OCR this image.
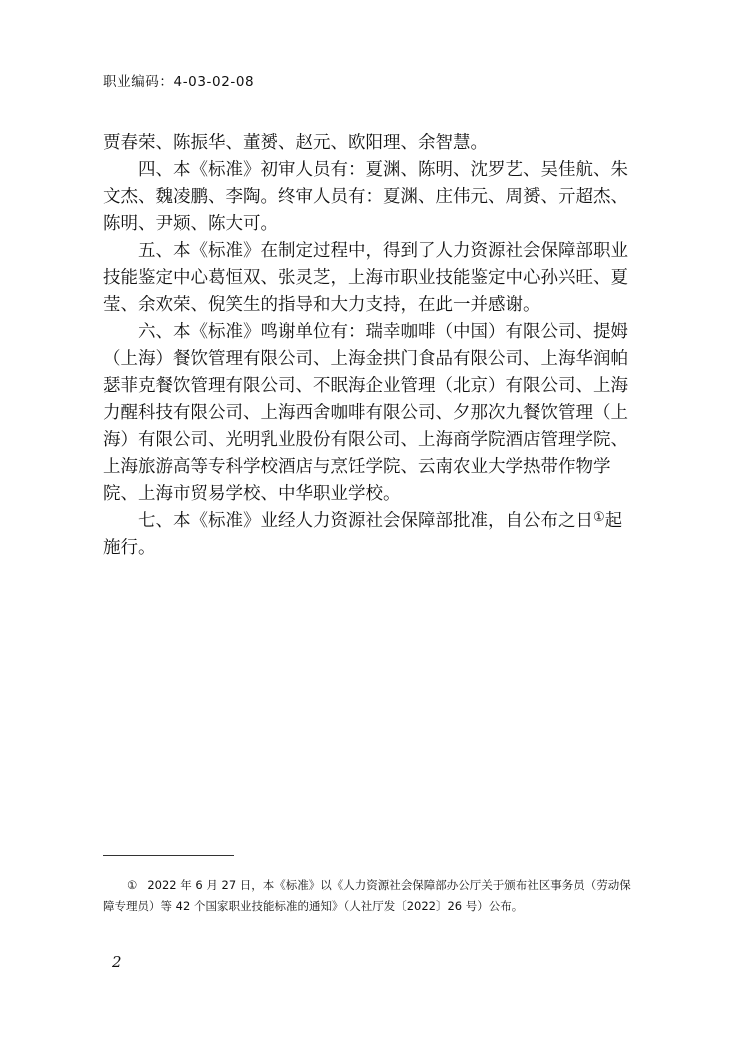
职业编码：4-03-02-08

贾春荣、陈振华、董赟、赵元、欧阳理、余智慧。

四、本《标准》初审人员有：夏渊、陈明、沈罗艺、吴佳航、朱文杰、魏凌鹏、李陶。终审人员有：夏渊、庄伟元、周赟、亓超杰、陈明、尹颎、陈大可。

五、本《标准》在制定过程中，得到了人力资源社会保障部职业技能鉴定中心葛恒双、张灵芝，上海市职业技能鉴定中心孙兴旺、夏莹、余欢荣、倪笑生的指导和大力支持，在此一并感谢。

六、本《标准》鸣谢单位有：瑞幸咖啡（中国）有限公司、提姆（上海）餐饮管理有限公司、上海金拱门食品有限公司、上海华润帕瑟菲克餐饮管理有限公司、不眠海企业管理（北京）有限公司、上海力醒科技有限公司、上海西舍咖啡有限公司、夕那次九餐饮管理（上海）有限公司、光明乳业股份有限公司、上海商学院酒店管理学院、上海旅游高等专科学校酒店与烹饪学院、云南农业大学热带作物学院、上海市贸易学校、中华职业学校。

七、本《标准》业经人力资源社会保障部批准，自公布之日①起施行。

① 2022 年 6 月 27 日，本《标准》以《人力资源社会保障部办公厅关于颁布社区事务员（劳动保障专理员）等 42 个国家职业技能标准的通知》（人社厅发〔2022〕26 号）公布。
2
